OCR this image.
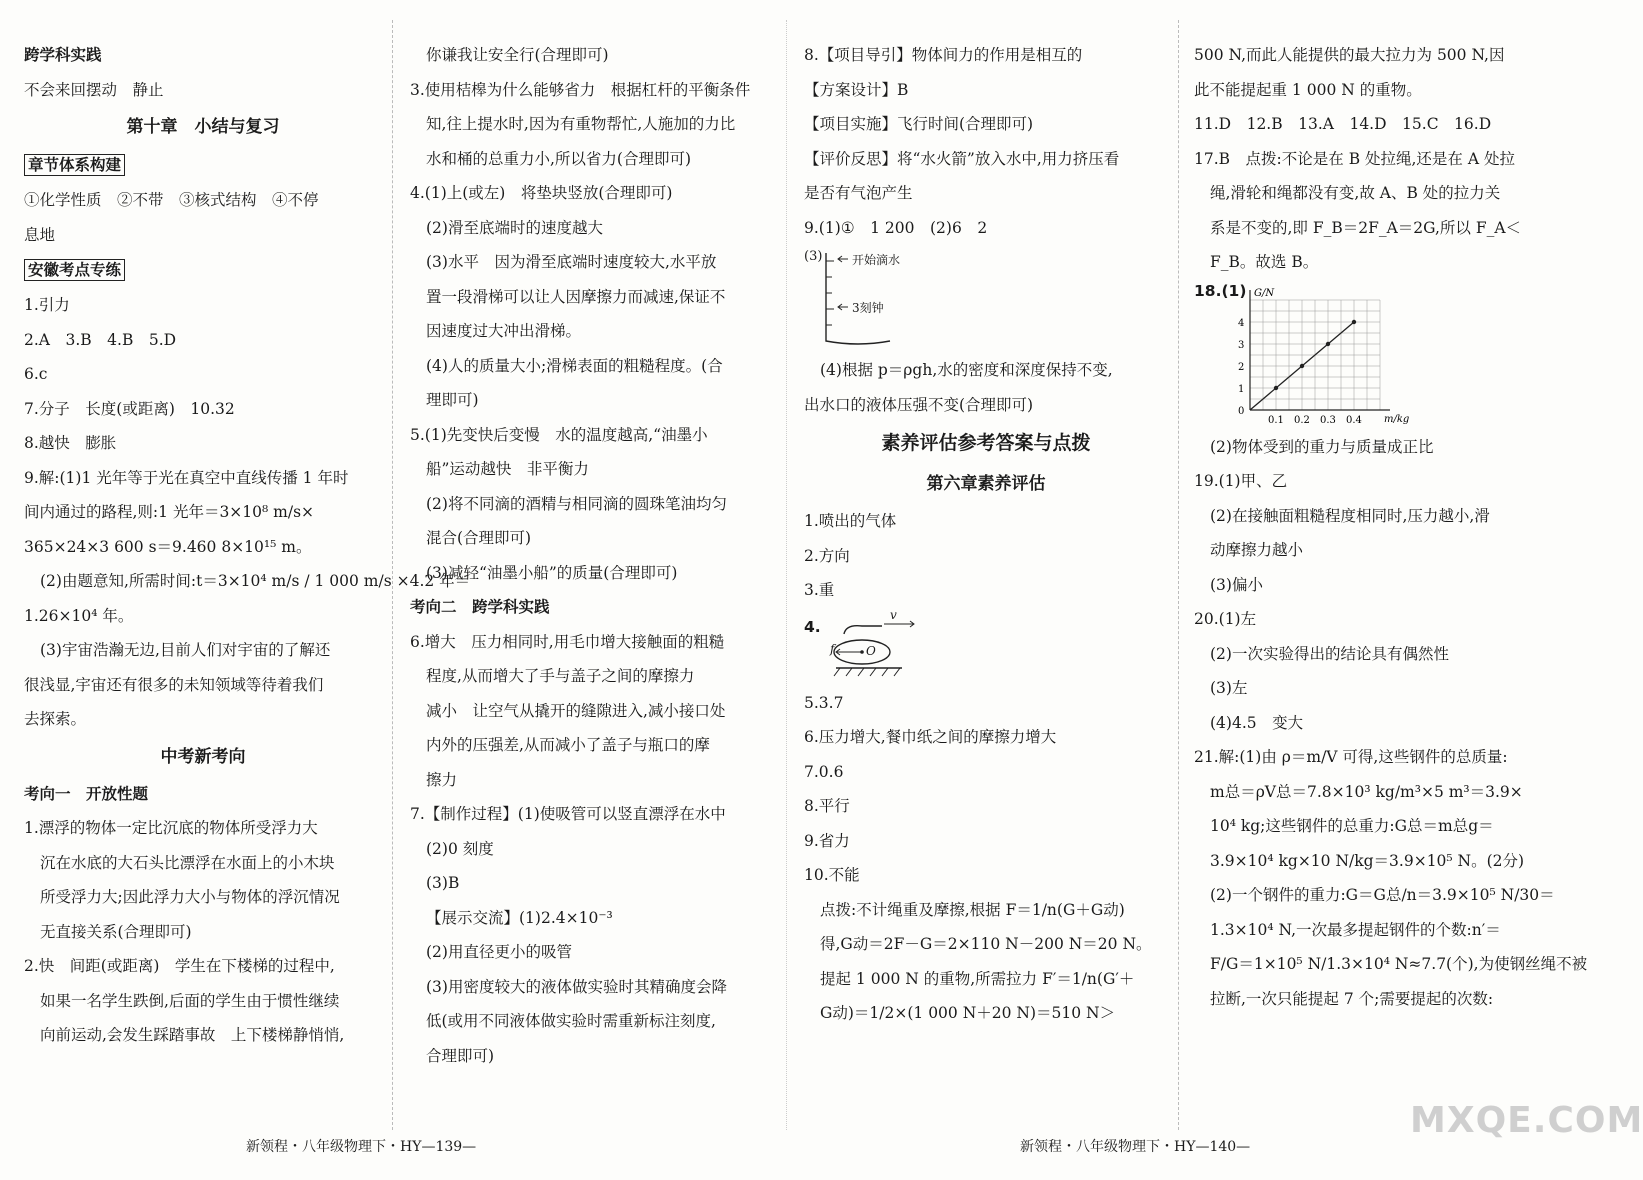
跨学科实践
不会来回摆动　静止
第十章　小结与复习
章节体系构建
①化学性质　②不带　③核式结构　④不停
息地
安徽考点专练
1.引力
2.A　3.B　4.B　5.D
6.c
7.分子　长度(或距离)　10.32
8.越快　膨胀
9.解:(1)1 光年等于光在真空中直线传播 1 年时
间内通过的路程,则:1 光年＝3×10⁸ m/s×
365×24×3 600 s＝9.460 8×10¹⁵ m。
(2)由题意知,所需时间:t＝3×10⁴ m/s / 1 000 m/s ×4.2 年＝
1.26×10⁴ 年。
(3)宇宙浩瀚无边,目前人们对宇宙的了解还
很浅显,宇宙还有很多的未知领域等待着我们
去探索。
中考新考向
考向一　开放性题
1.漂浮的物体一定比沉底的物体所受浮力大
沉在水底的大石头比漂浮在水面上的小木块
所受浮力大;因此浮力大小与物体的浮沉情况
无直接关系(合理即可)
2.快　间距(或距离)　学生在下楼梯的过程中,
如果一名学生跌倒,后面的学生由于惯性继续
向前运动,会发生踩踏事故　上下楼梯静悄悄,
你谦我让安全行(合理即可)
3.使用桔槔为什么能够省力　根据杠杆的平衡条件
知,往上提水时,因为有重物帮忙,人施加的力比
水和桶的总重力小,所以省力(合理即可)
4.(1)上(或左)　将垫块竖放(合理即可)
(2)滑至底端时的速度越大
(3)水平　因为滑至底端时速度较大,水平放
置一段滑梯可以让人因摩擦力而减速,保证不
因速度过大冲出滑梯。
(4)人的质量大小;滑梯表面的粗糙程度。(合
理即可)
5.(1)先变快后变慢　水的温度越高,“油墨小
船”运动越快　非平衡力
(2)将不同滴的酒精与相同滴的圆珠笔油均匀
混合(合理即可)
(3)减轻“油墨小船”的质量(合理即可)
考向二　跨学科实践
6.增大　压力相同时,用毛巾增大接触面的粗糙
程度,从而增大了手与盖子之间的摩擦力
减小　让空气从撬开的缝隙进入,减小接口处
内外的压强差,从而减小了盖子与瓶口的摩
擦力
7.【制作过程】(1)使吸管可以竖直漂浮在水中
(2)0 刻度
(3)B
【展示交流】(1)2.4×10⁻³
(2)用直径更小的吸管
(3)用密度较大的液体做实验时其精确度会降
低(或用不同液体做实验时需重新标注刻度,
合理即可)
8.【项目导引】物体间力的作用是相互的
【方案设计】B
【项目实施】飞行时间(合理即可)
【评价反思】将“水火箭”放入水中,用力挤压看
是否有气泡产生
9.(1)①　1 200　(2)6　2
(3) 开始滴水
3刻钟
(4)根据 p＝ρgh,水的密度和深度保持不变,
出水口的液体压强不变(合理即可)
素养评估参考答案与点拨
第六章素养评估
1.喷出的气体
2.方向
3.重
4.
v
f	O
5.3.7
6.压力增大,餐巾纸之间的摩擦力增大
7.0.6
8.平行
9.省力
10.不能
点拨:不计绳重及摩擦,根据 F＝1/n(G＋G动)
得,G动＝2F－G＝2×110 N－200 N＝20 N。
提起 1 000 N 的重物,所需拉力 F′＝1/n(G′＋
G动)＝1/2×(1 000 N＋20 N)＝510 N＞
500 N,而此人能提供的最大拉力为 500 N,因
此不能提起重 1 000 N 的重物。
11.D　12.B　13.A　14.D　15.C　16.D
17.B　点拨:不论是在 B 处拉绳,还是在 A 处拉
绳,滑轮和绳都没有变,故 A、B 处的拉力关
系是不变的,即 F_B＝2F_A＝2G,所以 F_A＜
F_B。故选 B。
18.(1)
0.1 0.2 0.3 0.4
1
2
3
4
0
G/N
m/kg
(2)物体受到的重力与质量成正比
19.(1)甲、乙
(2)在接触面粗糙程度相同时,压力越小,滑
动摩擦力越小
(3)偏小
20.(1)左
(2)一次实验得出的结论具有偶然性
(3)左
(4)4.5　变大
21.解:(1)由 ρ＝m/V 可得,这些钢件的总质量:
m总＝ρV总＝7.8×10³ kg/m³×5 m³＝3.9×
10⁴ kg;这些钢件的总重力:G总＝m总g＝
3.9×10⁴ kg×10 N/kg＝3.9×10⁵ N。(2分)
(2)一个钢件的重力:G＝G总/n＝3.9×10⁵ N/30＝
1.3×10⁴ N,一次最多提起钢件的个数:n′＝
F/G＝1×10⁵ N/1.3×10⁴ N≈7.7(个),为使钢丝绳不被
拉断,一次只能提起 7 个;需要提起的次数:
新领程・八年级物理下・HY—139—	新领程・八年级物理下・HY—140—
MXQE.COM
